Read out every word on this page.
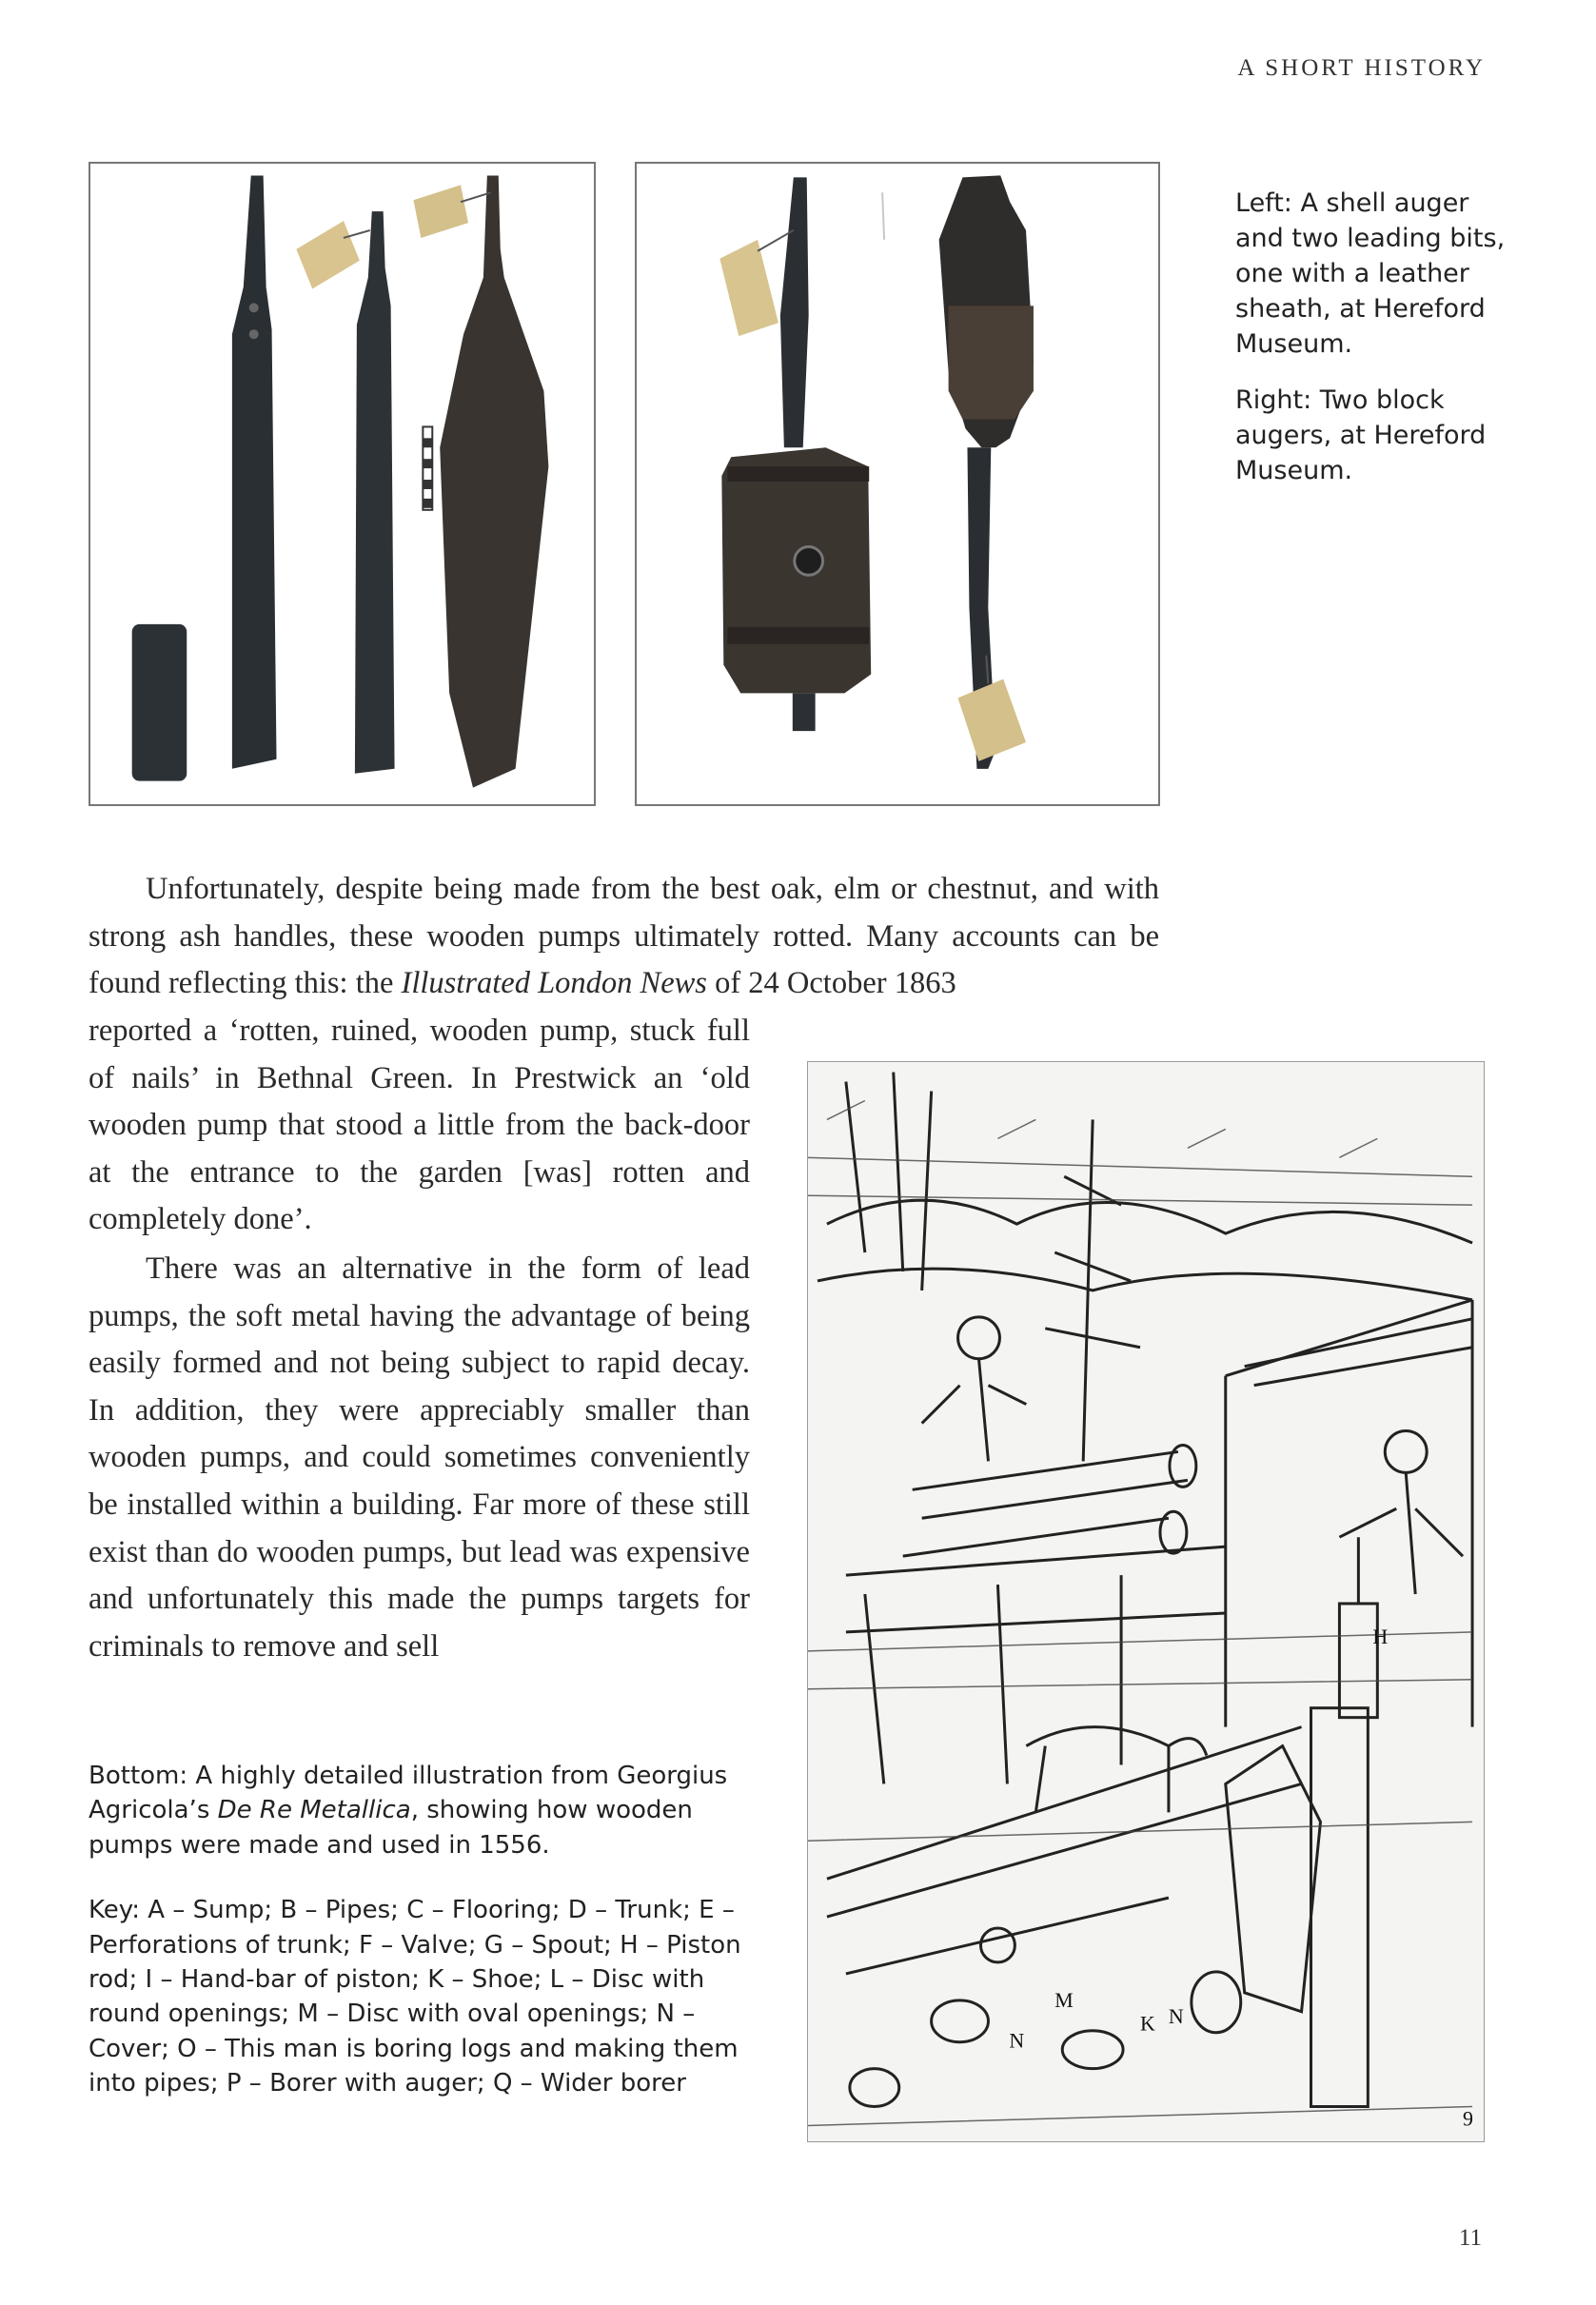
A SHORT HISTORY

Left: A shell auger and two leading bits, one with a leather sheath, at Hereford Museum.

Right: Two block augers, at Hereford Museum.

Unfortunately, despite being made from the best oak, elm or chestnut, and with strong ash handles, these wooden pumps ultimately rotted. Many accounts can be found reflecting this: the Illustrated London News of 24 October 1863

reported a ‘rotten, ruined, wooden pump, stuck full of nails’ in Bethnal Green. In Prestwick an ‘old wooden pump that stood a little from the back-door at the entrance to the garden [was] rotten and completely done’.

There was an alternative in the form of lead pumps, the soft metal having the advantage of being easily formed and not being subject to rapid decay. In addition, they were appreciably smaller than wooden pumps, and could sometimes conveniently be installed within a building. Far more of these still exist than do wooden pumps, but lead was expensive and unfortunately this made the pumps targets for criminals to remove and sell

Bottom: A highly detailed illustration from Georgius Agricola’s De Re Metallica, showing how wooden pumps were made and used in 1556.

Key: A – Sump; B – Pipes; C – Flooring; D – Trunk; E – Perforations of trunk; F – Valve; G – Spout; H – Piston rod; I – Hand-bar of piston; K – Shoe; L – Disc with round openings; M – Disc with oval openings; N – Cover; O – This man is boring logs and making them into pipes; P – Borer with auger; Q – Wider borer

H
M
N
N
K
9
11
